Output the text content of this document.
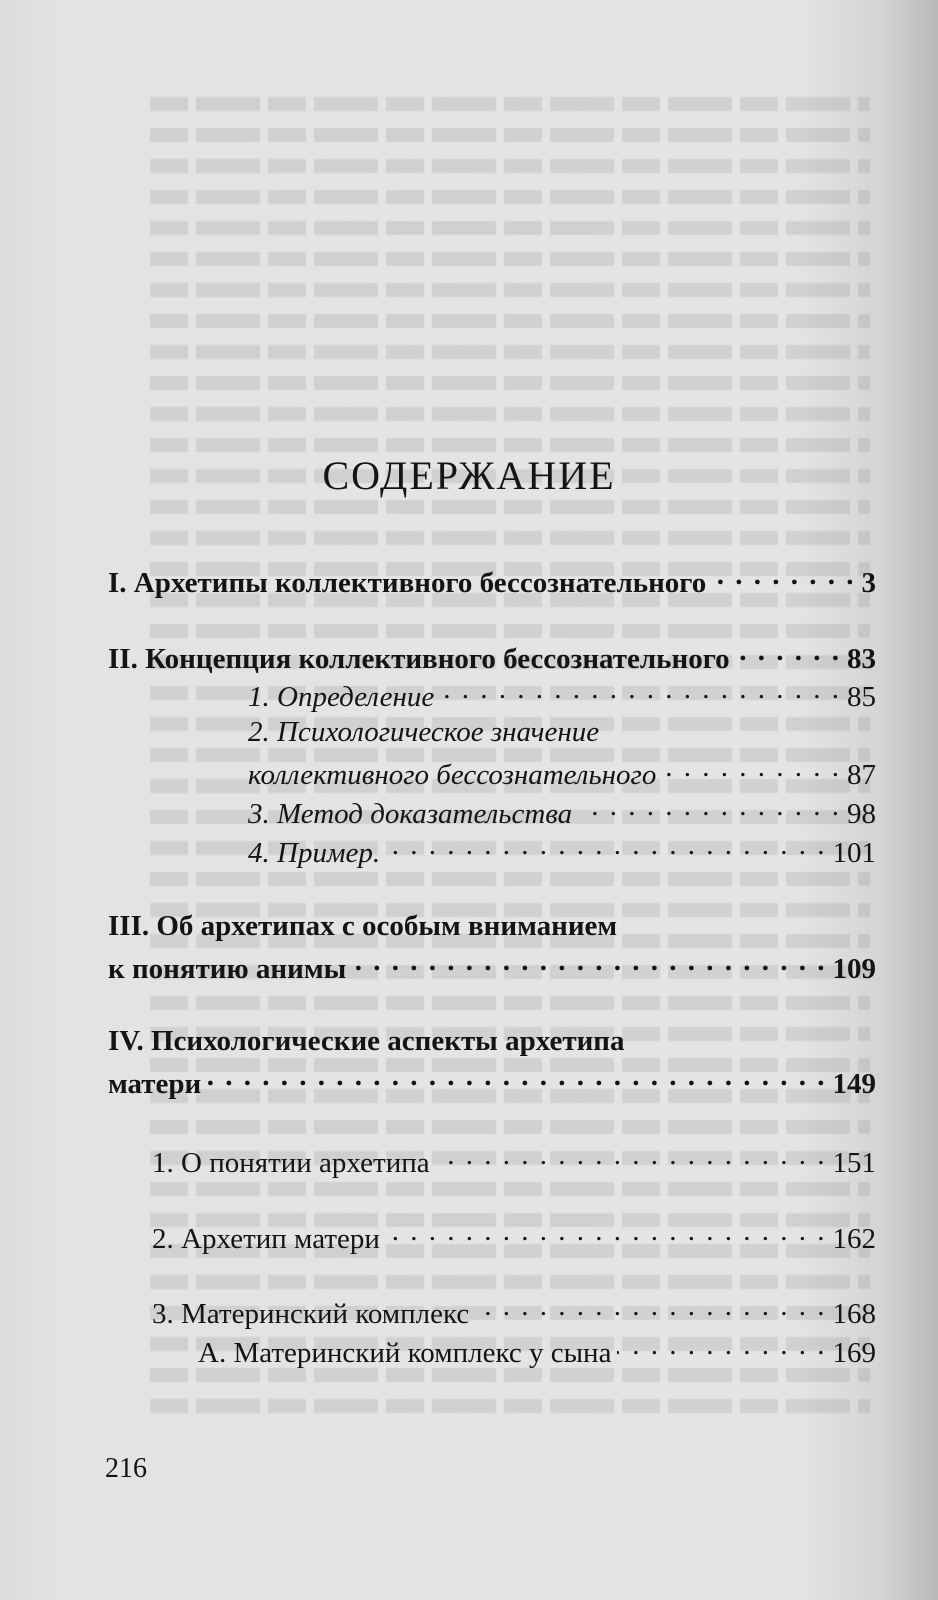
СОДЕРЖАНИЕ
I. Архетипы коллективного бессознательного . . .	3
II. Концепция коллективного бессознательного . . .	83
1. Определение . . .	85
2. Психологическое значение
коллективного бессознательного . . .	87
3. Метод доказательства . . .	98
4. Пример. . . .	101
III. Об архетипах с особым вниманием
к понятию анимы . . .	109
IV. Психологические аспекты архетипа
матери . . .	149
1. О понятии архетипа . . .	151
2. Архетип матери . . .	162
3. Материнский комплекс . . .	168
А. Материнский комплекс у сына . . .	169
216
